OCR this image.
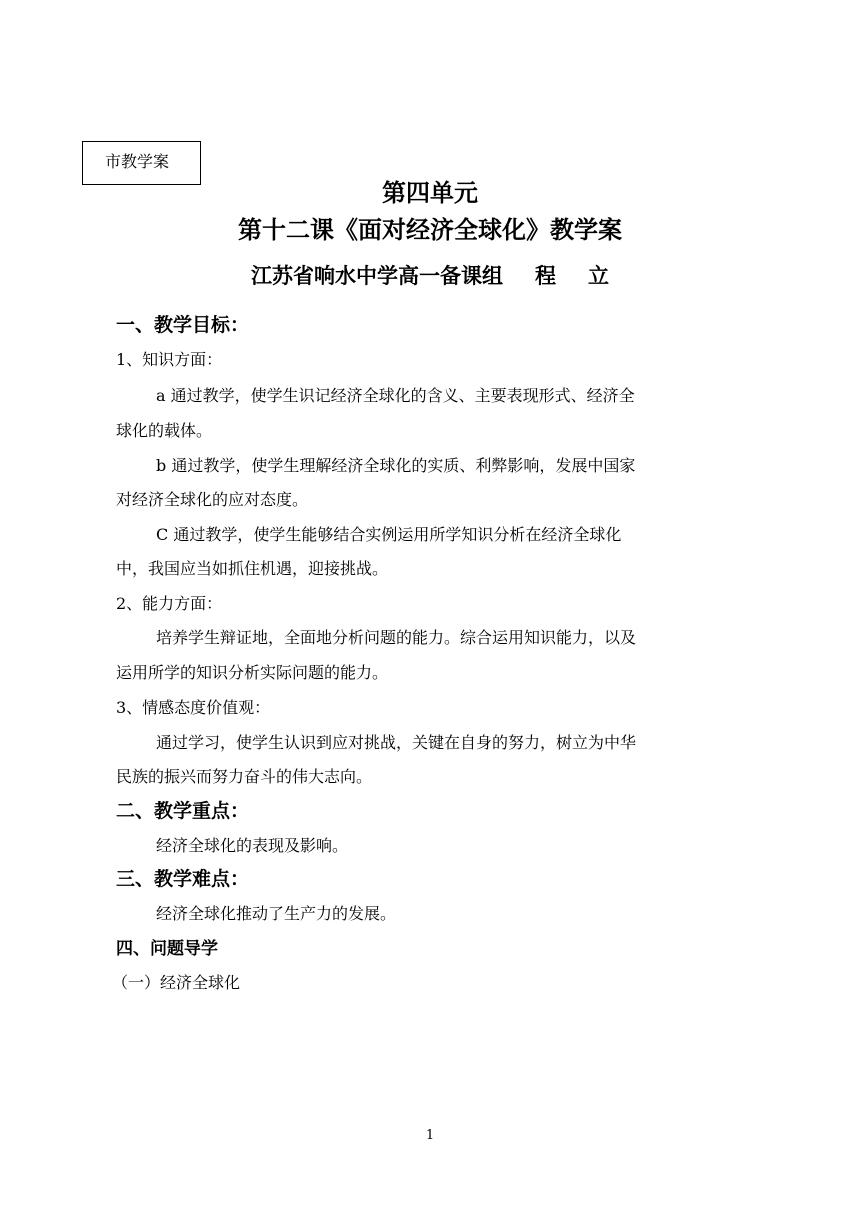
市教学案
第四单元
第十二课《面对经济全球化》教学案
江苏省响水中学高一备课组 程 立
一、教学目标：
1、知识方面：
a 通过教学，使学生识记经济全球化的含义、主要表现形式、经济全
球化的载体。
b 通过教学，使学生理解经济全球化的实质、利弊影响，发展中国家
对经济全球化的应对态度。
C 通过教学，使学生能够结合实例运用所学知识分析在经济全球化
中，我国应当如抓住机遇，迎接挑战。
2、能力方面：
培养学生辩证地，全面地分析问题的能力。综合运用知识能力，以及
运用所学的知识分析实际问题的能力。
3、情感态度价值观：
通过学习，使学生认识到应对挑战，关键在自身的努力，树立为中华
民族的振兴而努力奋斗的伟大志向。
二、教学重点：
经济全球化的表现及影响。
三、教学难点：
经济全球化推动了生产力的发展。
四、问题导学
（一）经济全球化
1
